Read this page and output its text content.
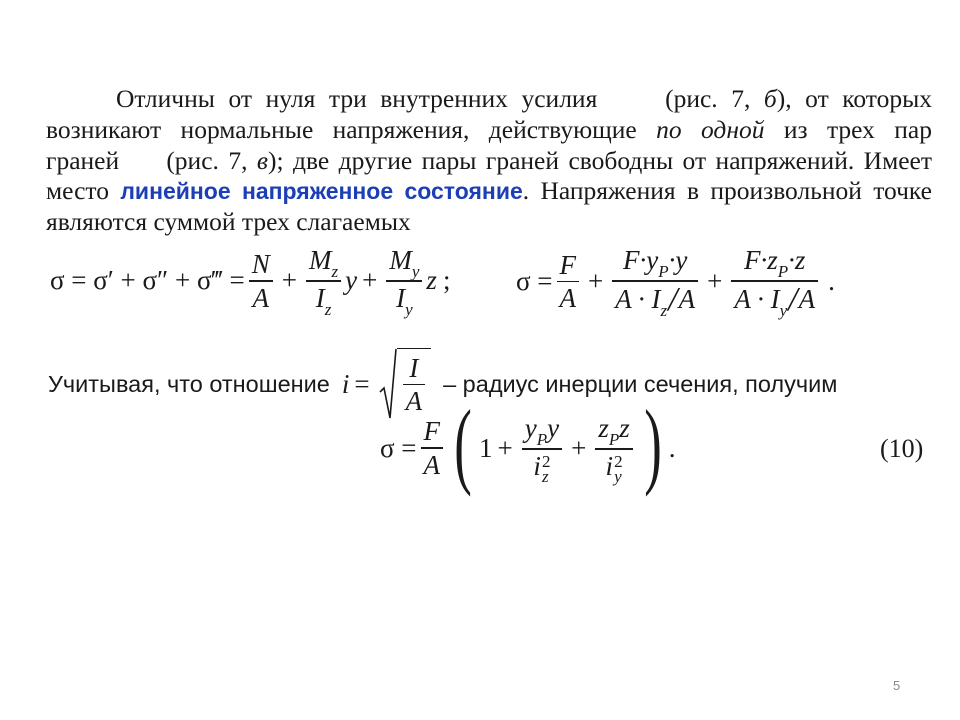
Отличны от нуля три внутренних усилия	(рис. 7, б), от которых возникают нормальные напряжения, действующие по одной из трех пар граней (рис. 7, в); две другие пары граней свободны от напряжений. Имеет место линейное напряженное состояние. Напряжения в произвольной точке являются суммой трех слагаемых

σ = σ′ + σ″ + σ‴ = $\frac{N}{A} + \frac{M_z}{I_z}$ $y + \frac{M_y}{I_y}$ z ; $\sigma = \frac{F}{A} + \frac{F\cdot y_P\cdot y}{A \cdot I_z/A} + \frac{F\cdot z_P\cdot z}{A \cdot I_y/A}$ .
Учитывая, что отношение $i = \frac{I}{A}$ – радиус инерции сечения, получим
$\sigma = \frac{F}{A}$ ( $1 + y_Py$
i 2
$z + z_Pz$
i 2
y ) .	(10)
5
